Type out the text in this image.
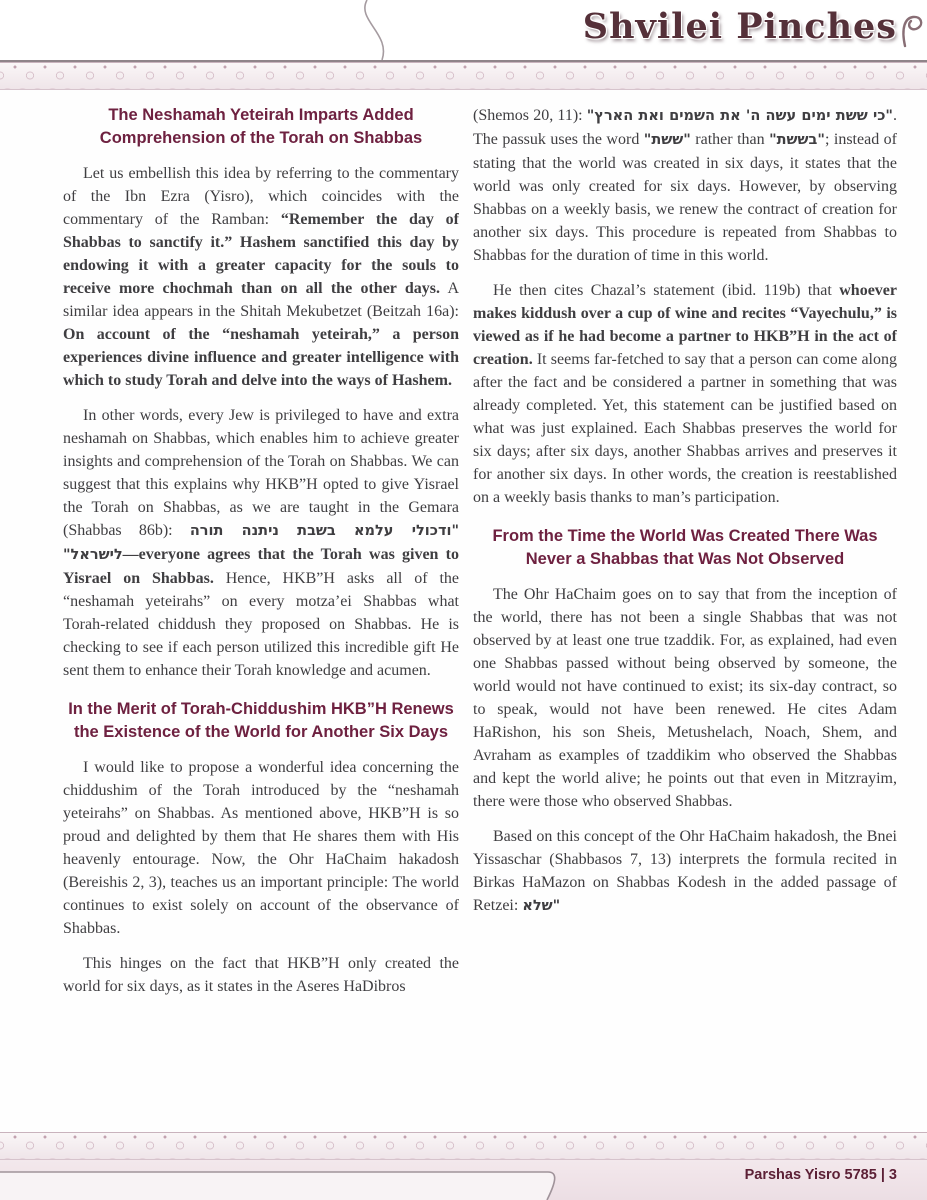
Shvilei Pinches
The Neshamah Yeteirah Imparts Added
Comprehension of the Torah on Shabbas

Let us embellish this idea by referring to the commentary of the Ibn Ezra (Yisro), which coincides with the commentary of the Ramban: “Remember the day of Shabbas to sanctify it.” Hashem sanctified this day by endowing it with a greater capacity for the souls to receive more chochmah than on all the other days. A similar idea appears in the Shitah Mekubetzet (Beitzah 16a): On account of the “neshamah yeteirah,” a person experiences divine influence and greater intelligence with which to study Torah and delve into the ways of Hashem.

In other words, every Jew is privileged to have and extra neshamah on Shabbas, which enables him to achieve greater insights and comprehension of the Torah on Shabbas. We can suggest that this explains why HKB”H opted to give Yisrael the Torah on Shabbas, as we are taught in the Gemara (Shabbas 86b): "ודכולי עלמא בשבת ניתנה תורה לישראל"—everyone agrees that the Torah was given to Yisrael on Shabbas. Hence, HKB”H asks all of the “neshamah yeteirahs” on every motza’ei Shabbas what Torah-related chiddush they proposed on Shabbas. He is checking to see if each person utilized this incredible gift He sent them to enhance their Torah knowledge and acumen.

In the Merit of Torah-Chiddushim HKB”H Renews
the Existence of the World for Another Six Days

I would like to propose a wonderful idea concerning the chiddushim of the Torah introduced by the “neshamah yeteirahs” on Shabbas. As mentioned above, HKB”H is so proud and delighted by them that He shares them with His heavenly entourage. Now, the Ohr HaChaim hakadosh (Bereishis 2, 3), teaches us an important principle: The world continues to exist solely on account of the observance of Shabbas.

This hinges on the fact that HKB”H only created the world for six days, as it states in the Aseres HaDibros

(Shemos 20, 11): "כי ששת ימים עשה ה' את השמים ואת הארץ". The passuk uses the word "ששת" rather than "בששת"; instead of stating that the world was created in six days, it states that the world was only created for six days. However, by observing Shabbas on a weekly basis, we renew the contract of creation for another six days. This procedure is repeated from Shabbas to Shabbas for the duration of time in this world.

He then cites Chazal’s statement (ibid. 119b) that whoever makes kiddush over a cup of wine and recites “Vayechulu,” is viewed as if he had become a partner to HKB”H in the act of creation. It seems far-fetched to say that a person can come along after the fact and be considered a partner in something that was already completed. Yet, this statement can be justified based on what was just explained. Each Shabbas preserves the world for six days; after six days, another Shabbas arrives and preserves it for another six days. In other words, the creation is reestablished on a weekly basis thanks to man’s participation.

From the Time the World Was Created There Was
Never a Shabbas that Was Not Observed

The Ohr HaChaim goes on to say that from the inception of the world, there has not been a single Shabbas that was not observed by at least one true tzaddik. For, as explained, had even one Shabbas passed without being observed by someone, the world would not have continued to exist; its six-day contract, so to speak, would not have been renewed. He cites Adam HaRishon, his son Sheis, Metushelach, Noach, Shem, and Avraham as examples of tzaddikim who observed the Shabbas and kept the world alive; he points out that even in Mitzrayim, there were those who observed Shabbas.

Based on this concept of the Ohr HaChaim hakadosh, the Bnei Yissaschar (Shabbasos 7, 13) interprets the formula recited in Birkas HaMazon on Shabbas Kodesh in the added passage of Retzei: "שלא

Parshas Yisro 5785 | 3
